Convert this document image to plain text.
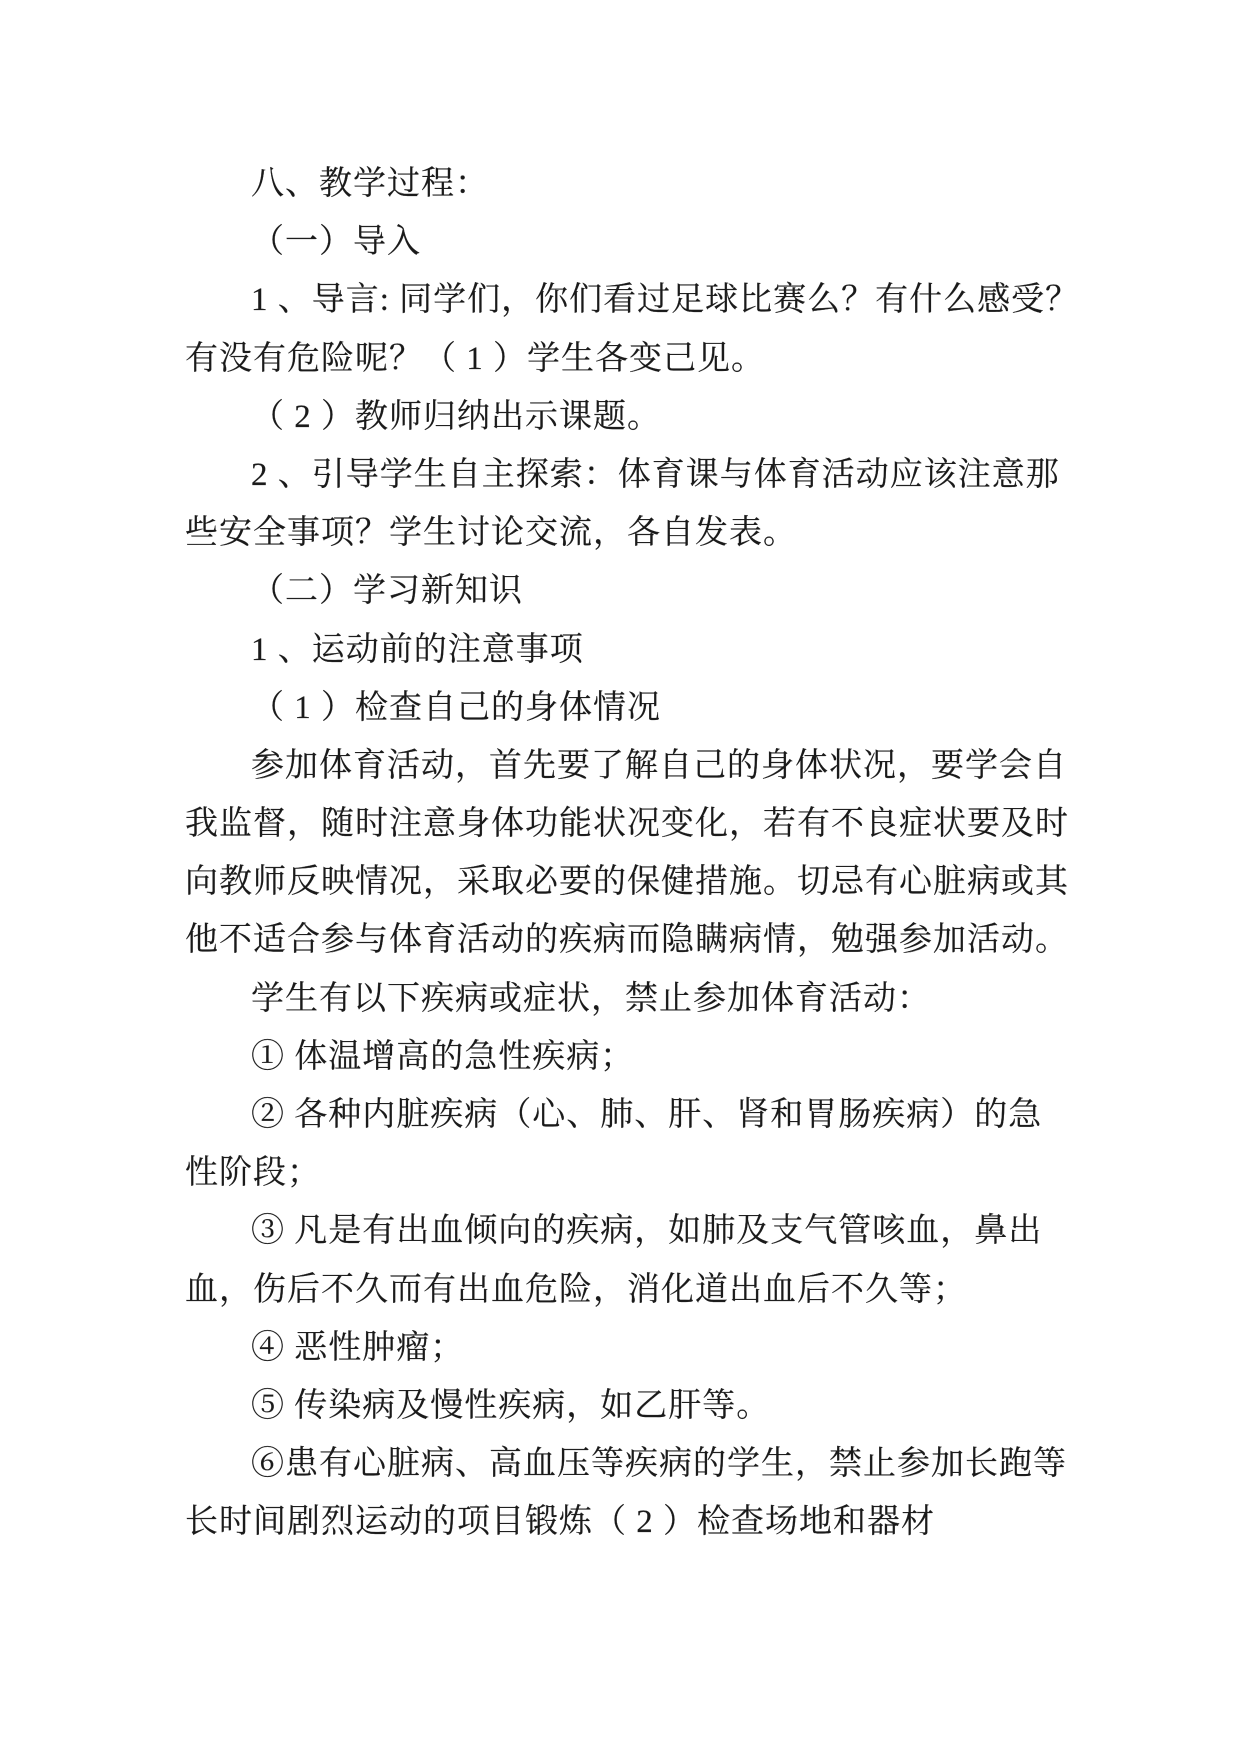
八、教学过程：
（一）导入
1 、导言: 同学们，你们看过足球比赛么？有什么感受？
有没有危险呢？（ 1 ）学生各变己见。
（ 2 ）教师归纳出示课题。
2 、引导学生自主探索：体育课与体育活动应该注意那
些安全事项？学生讨论交流，各自发表。
（二）学习新知识
1 、运动前的注意事项
（ 1 ）检查自己的身体情况
参加体育活动，首先要了解自己的身体状况，要学会自
我监督，随时注意身体功能状况变化，若有不良症状要及时
向教师反映情况，采取必要的保健措施。切忌有心脏病或其
他不适合参与体育活动的疾病而隐瞒病情，勉强参加活动。
学生有以下疾病或症状，禁止参加体育活动：
① 体温增高的急性疾病；
② 各种内脏疾病（心、肺、肝、肾和胃肠疾病）的急
性阶段；
③ 凡是有出血倾向的疾病，如肺及支气管咳血，鼻出
血，伤后不久而有出血危险，消化道出血后不久等；
④ 恶性肿瘤；
⑤ 传染病及慢性疾病，如乙肝等。
⑥患有心脏病、高血压等疾病的学生，禁止参加长跑等
长时间剧烈运动的项目锻炼（ 2 ）检查场地和器材
